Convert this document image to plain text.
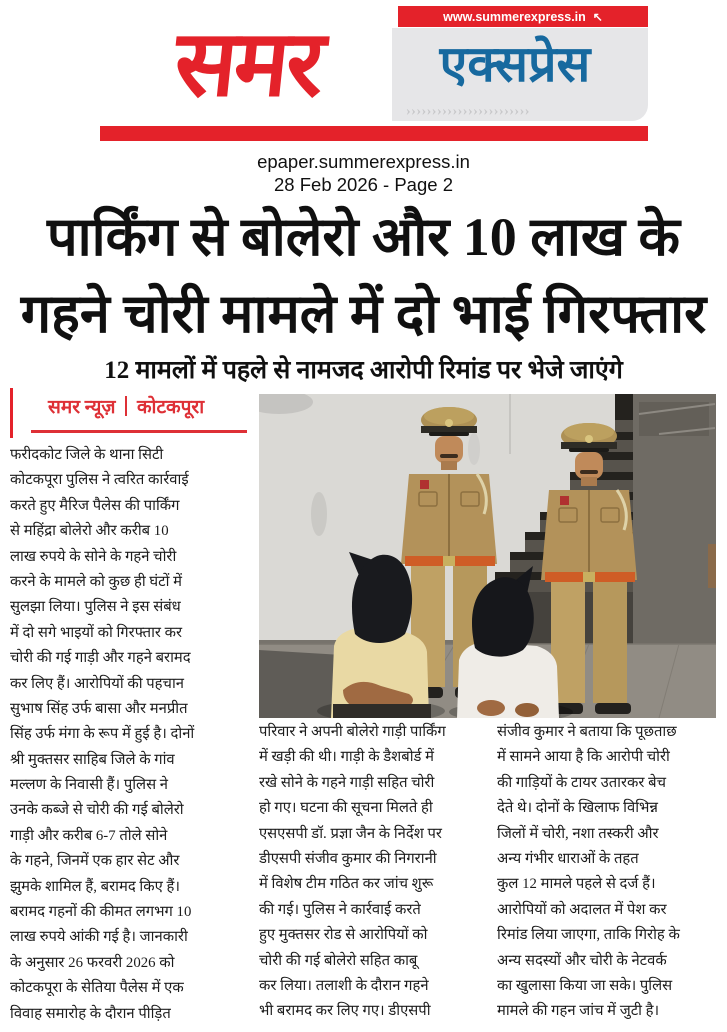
www.summerexpress.in ↖
समर	एक्सप्रेस
››››››››››››››››››››››››
epaper.summerexpress.in
28 Feb 2026 - Page 2
पार्किंग से बोलेरो और 10 लाख के
गहने चोरी मामले में दो भाई गिरफ्तार
12 मामलों में पहले से नामजद आरोपी रिमांड पर भेजे जाएंगे
समर न्यूज़ कोटकपूरा
फरीदकोट जिले के थाना सिटी
कोटकपूरा पुलिस ने त्वरित कार्रवाई
करते हुए मैरिज पैलेस की पार्किंग
से महिंद्रा बोलेरो और करीब 10
लाख रुपये के सोने के गहने चोरी
करने के मामले को कुछ ही घंटों में
सुलझा लिया। पुलिस ने इस संबंध
में दो सगे भाइयों को गिरफ्तार कर
चोरी की गई गाड़ी और गहने बरामद
कर लिए हैं। आरोपियों की पहचान
सुभाष सिंह उर्फ बासा और मनप्रीत
सिंह उर्फ मंगा के रूप में हुई है। दोनों
श्री मुक्तसर साहिब जिले के गांव
मल्लण के निवासी हैं। पुलिस ने
उनके कब्जे से चोरी की गई बोलेरो
गाड़ी और करीब 6-7 तोले सोने
के गहने, जिनमें एक हार सेट और
झुमके शामिल हैं, बरामद किए हैं।
बरामद गहनों की कीमत लगभग 10
लाख रुपये आंकी गई है। जानकारी
के अनुसार 26 फरवरी 2026 को
कोटकपूरा के सेतिया पैलेस में एक
विवाह समारोह के दौरान पीड़ित
परिवार ने अपनी बोलेरो गाड़ी पार्किंग
में खड़ी की थी। गाड़ी के डैशबोर्ड में
रखे सोने के गहने गाड़ी सहित चोरी
हो गए। घटना की सूचना मिलते ही
एसएसपी डॉ. प्रज्ञा जैन के निर्देश पर
डीएसपी संजीव कुमार की निगरानी
में विशेष टीम गठित कर जांच शुरू
की गई। पुलिस ने कार्रवाई करते
हुए मुक्तसर रोड से आरोपियों को
चोरी की गई बोलेरो सहित काबू
कर लिया। तलाशी के दौरान गहने
भी बरामद कर लिए गए। डीएसपी
संजीव कुमार ने बताया कि पूछताछ
में सामने आया है कि आरोपी चोरी
की गाड़ियों के टायर उतारकर बेच
देते थे। दोनों के खिलाफ विभिन्न
जिलों में चोरी, नशा तस्करी और
अन्य गंभीर धाराओं के तहत
कुल 12 मामले पहले से दर्ज हैं।
आरोपियों को अदालत में पेश कर
रिमांड लिया जाएगा, ताकि गिरोह के
अन्य सदस्यों और चोरी के नेटवर्क
का खुलासा किया जा सके। पुलिस
मामले की गहन जांच में जुटी है।
